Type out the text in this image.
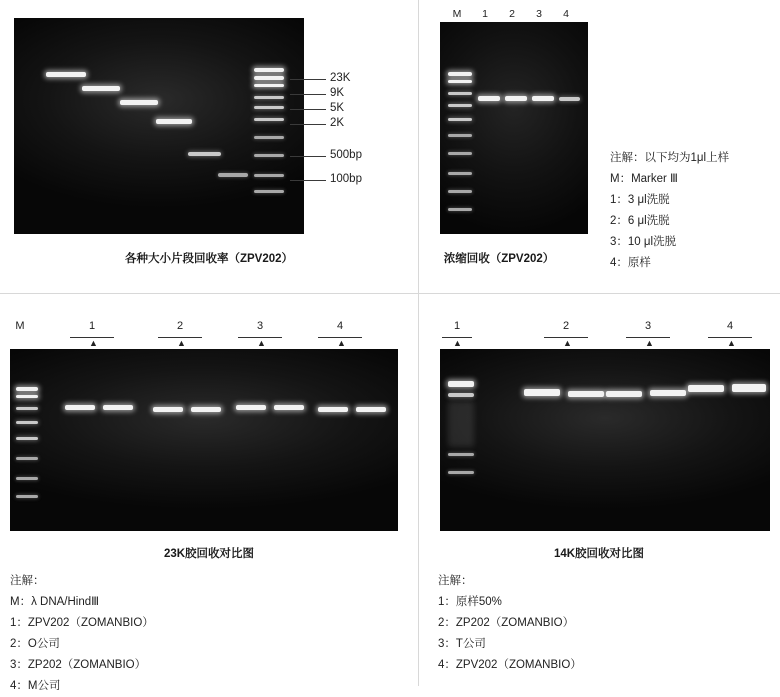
23K
9K
5K
2K
500bp
100bp
各种大小片段回收率（ZPV202）
M	1	2	3	4
注解：以下均为1μl上样
M：Marker Ⅲ
1：3 μl洗脱
2：6 μl洗脱
3：10 μl洗脱
4：原样
浓缩回收（ZPV202）
M	1
▲
2
▲
3
▲
4
▲
23K胶回收对比图
注解：
M：λ DNA/HindⅢ
1：ZPV202（ZOMANBIO）
2：O公司
3：ZP202（ZOMANBIO）
4：M公司
1
▲
2
▲
3
▲
4
▲
14K胶回收对比图
注解：
1：原样50%
2：ZP202（ZOMANBIO）
3：T公司
4：ZPV202（ZOMANBIO）
